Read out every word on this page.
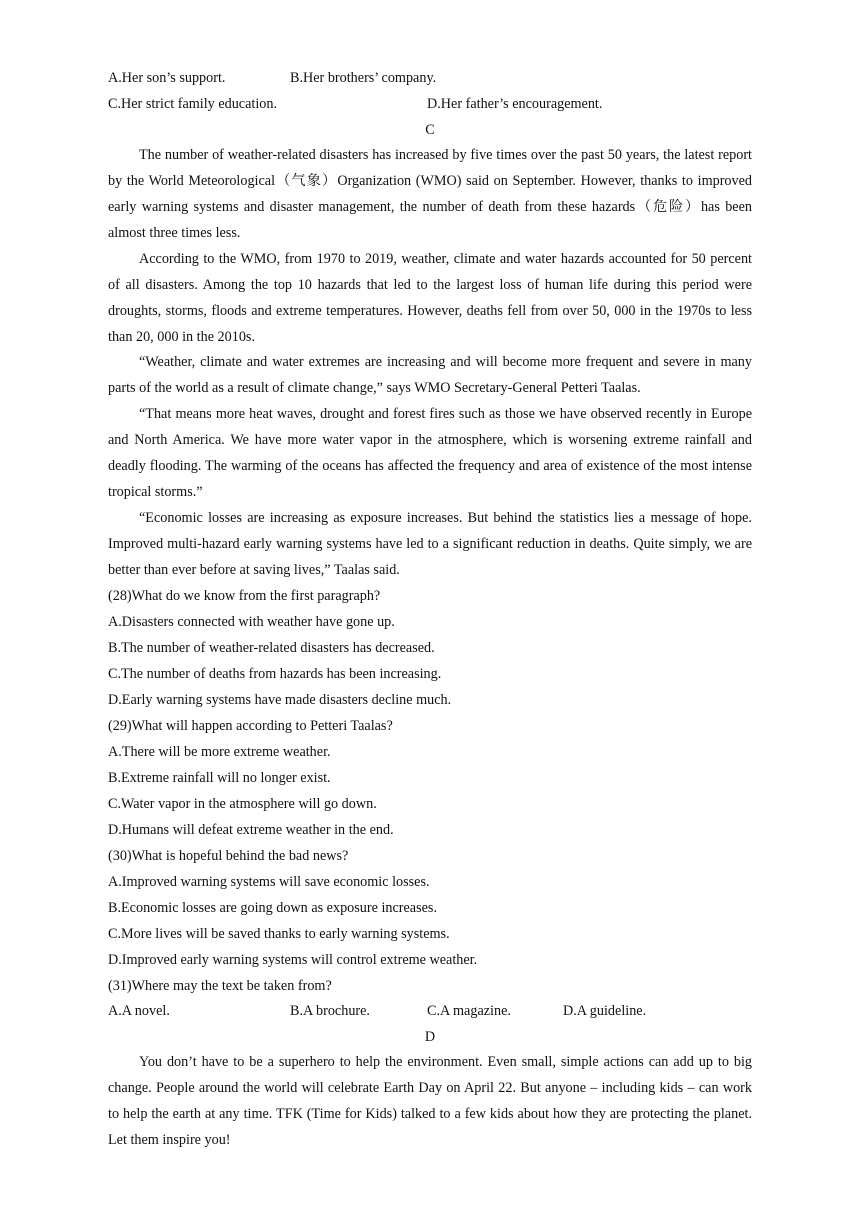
A.Her son’s support.	B.Her brothers’ company.
C.Her strict family education.	D.Her father’s encouragement.
C
The number of weather-related disasters has increased by five times over the past 50 years, the latest report by the World Meteorological（气象）Organization (WMO) said on September. However, thanks to improved early warning systems and disaster management, the number of death from these hazards（危险）has been almost three times less.
According to the WMO, from 1970 to 2019, weather, climate and water hazards accounted for 50 percent of all disasters. Among the top 10 hazards that led to the largest loss of human life during this period were droughts, storms, floods and extreme temperatures. However, deaths fell from over 50, 000 in the 1970s to less than 20, 000 in the 2010s.
“Weather, climate and water extremes are increasing and will become more frequent and severe in many parts of the world as a result of climate change,” says WMO Secretary-General Petteri Taalas.
“That means more heat waves, drought and forest fires such as those we have observed recently in Europe and North America. We have more water vapor in the atmosphere, which is worsening extreme rainfall and deadly flooding. The warming of the oceans has affected the frequency and area of existence of the most intense tropical storms.”
“Economic losses are increasing as exposure increases. But behind the statistics lies a message of hope. Improved multi-hazard early warning systems have led to a significant reduction in deaths. Quite simply, we are better than ever before at saving lives,” Taalas said.
(28)What do we know from the first paragraph?
A.Disasters connected with weather have gone up.
B.The number of weather-related disasters has decreased.
C.The number of deaths from hazards has been increasing.
D.Early warning systems have made disasters decline much.
(29)What will happen according to Petteri Taalas?
A.There will be more extreme weather.
B.Extreme rainfall will no longer exist.
C.Water vapor in the atmosphere will go down.
D.Humans will defeat extreme weather in the end.
(30)What is hopeful behind the bad news?
A.Improved warning systems will save economic losses.
B.Economic losses are going down as exposure increases.
C.More lives will be saved thanks to early warning systems.
D.Improved early warning systems will control extreme weather.
(31)Where may the text be taken from?
A.A novel.	B.A brochure.	C.A magazine.	D.A guideline.
D
You don’t have to be a superhero to help the environment. Even small, simple actions can add up to big change. People around the world will celebrate Earth Day on April 22. But anyone – including kids – can work to help the earth at any time. TFK (Time for Kids) talked to a few kids about how they are protecting the planet. Let them inspire you!
